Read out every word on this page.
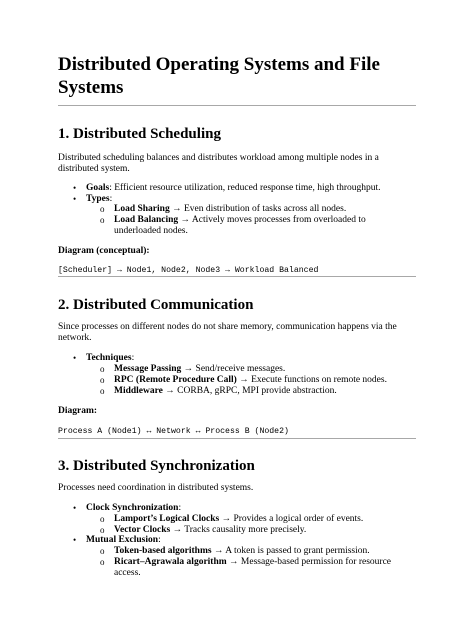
Distributed Operating Systems and File Systems
1. Distributed Scheduling

Distributed scheduling balances and distributes workload among multiple nodes in a distributed system.

• Goals: Efficient resource utilization, reduced response time, high throughput.
• Types:
o Load Sharing → Even distribution of tasks across all nodes.
o Load Balancing → Actively moves processes from overloaded to underloaded nodes.
Diagram (conceptual):
[Scheduler] → Node1, Node2, Node3 → Workload Balanced
2. Distributed Communication

Since processes on different nodes do not share memory, communication happens via the network.

• Techniques:
o Message Passing → Send/receive messages.
o RPC (Remote Procedure Call) → Execute functions on remote nodes.
o Middleware → CORBA, gRPC, MPI provide abstraction.
Diagram:
Process A (Node1) ↔ Network ↔ Process B (Node2)
3. Distributed Synchronization

Processes need coordination in distributed systems.

• Clock Synchronization:
o Lamport’s Logical Clocks → Provides a logical order of events.
o Vector Clocks → Tracks causality more precisely.
• Mutual Exclusion:
o Token-based algorithms → A token is passed to grant permission.
o Ricart–Agrawala algorithm → Message-based permission for resource access.
